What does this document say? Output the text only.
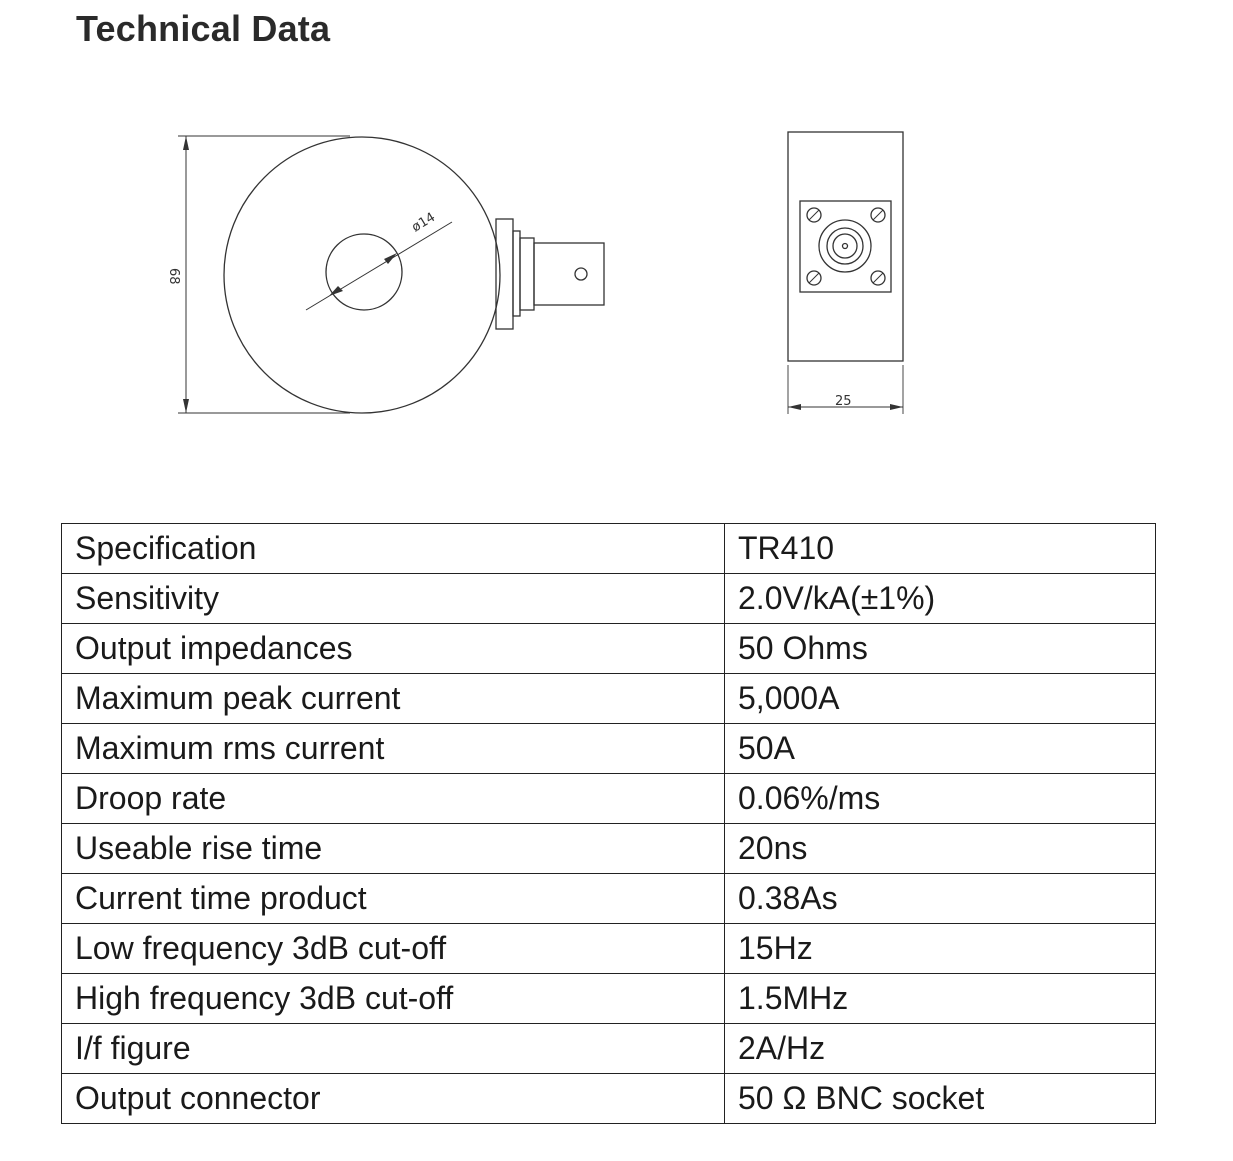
Technical Data
68
ø14
25
Specification	TR410
Sensitivity	2.0V/kA(±1%)
Output impedances	50 Ohms
Maximum peak current	5,000A
Maximum rms current	50A
Droop rate	0.06%/ms
Useable rise time	20ns
Current time product	0.38As
Low frequency 3dB cut-off	15Hz
High frequency 3dB cut-off	1.5MHz
I/f figure	2A/Hz
Output connector	50 Ω BNC socket
